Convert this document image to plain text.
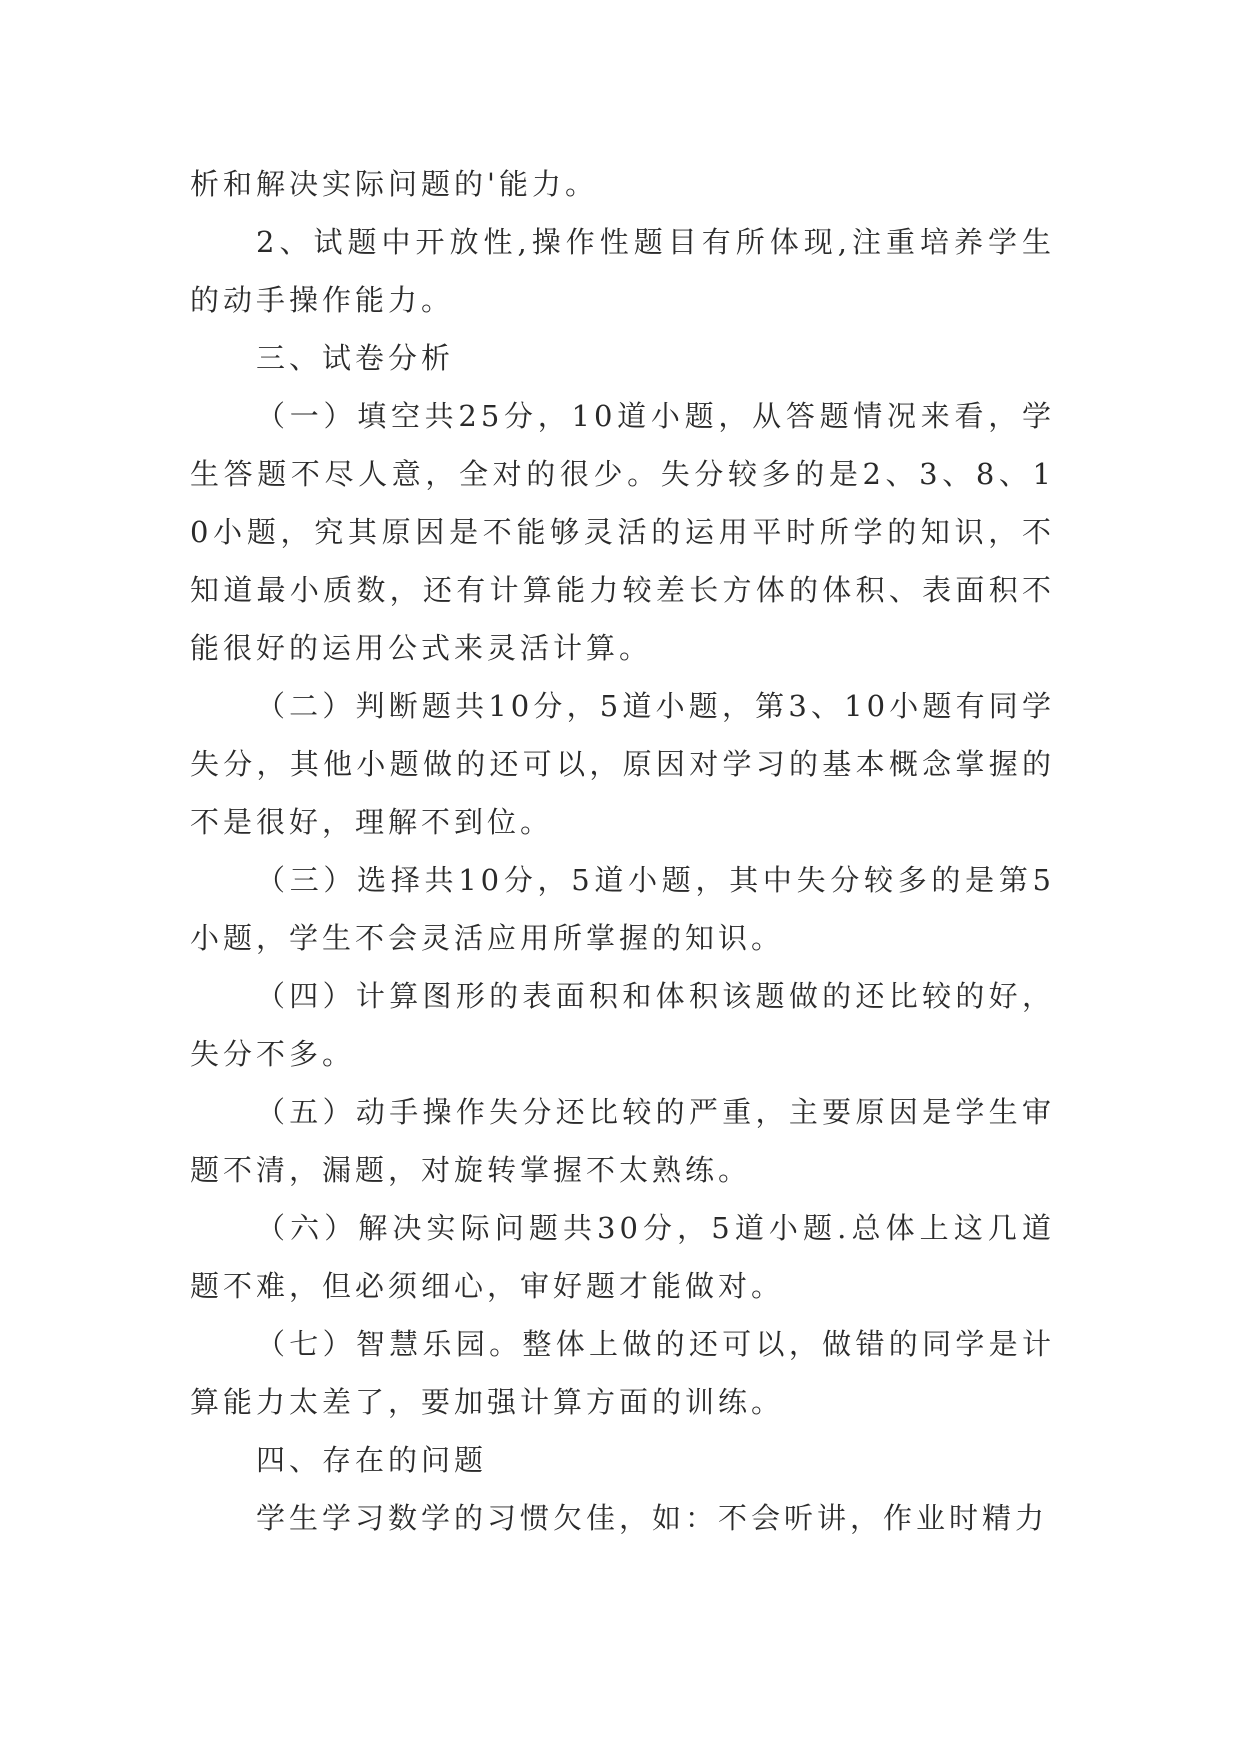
析和解决实际问题的'能力。

2、试题中开放性,操作性题目有所体现,注重培养学生的动手操作能力。

三、试卷分析

（一）填空共25分，10道小题，从答题情况来看，学生答题不尽人意，全对的很少。失分较多的是2、3、8、10小题，究其原因是不能够灵活的运用平时所学的知识，不知道最小质数，还有计算能力较差长方体的体积、表面积不能很好的运用公式来灵活计算。

（二）判断题共10分，5道小题，第3、10小题有同学失分，其他小题做的还可以，原因对学习的基本概念掌握的不是很好，理解不到位。

（三）选择共10分，5道小题，其中失分较多的是第5小题，学生不会灵活应用所掌握的知识。

（四）计算图形的表面积和体积该题做的还比较的好，失分不多。

（五）动手操作失分还比较的严重，主要原因是学生审题不清，漏题，对旋转掌握不太熟练。

（六）解决实际问题共30分，5道小题.总体上这几道题不难，但必须细心，审好题才能做对。

（七）智慧乐园。整体上做的还可以，做错的同学是计算能力太差了，要加强计算方面的训练。

四、存在的问题

学生学习数学的习惯欠佳，如：不会听讲，作业时精力
